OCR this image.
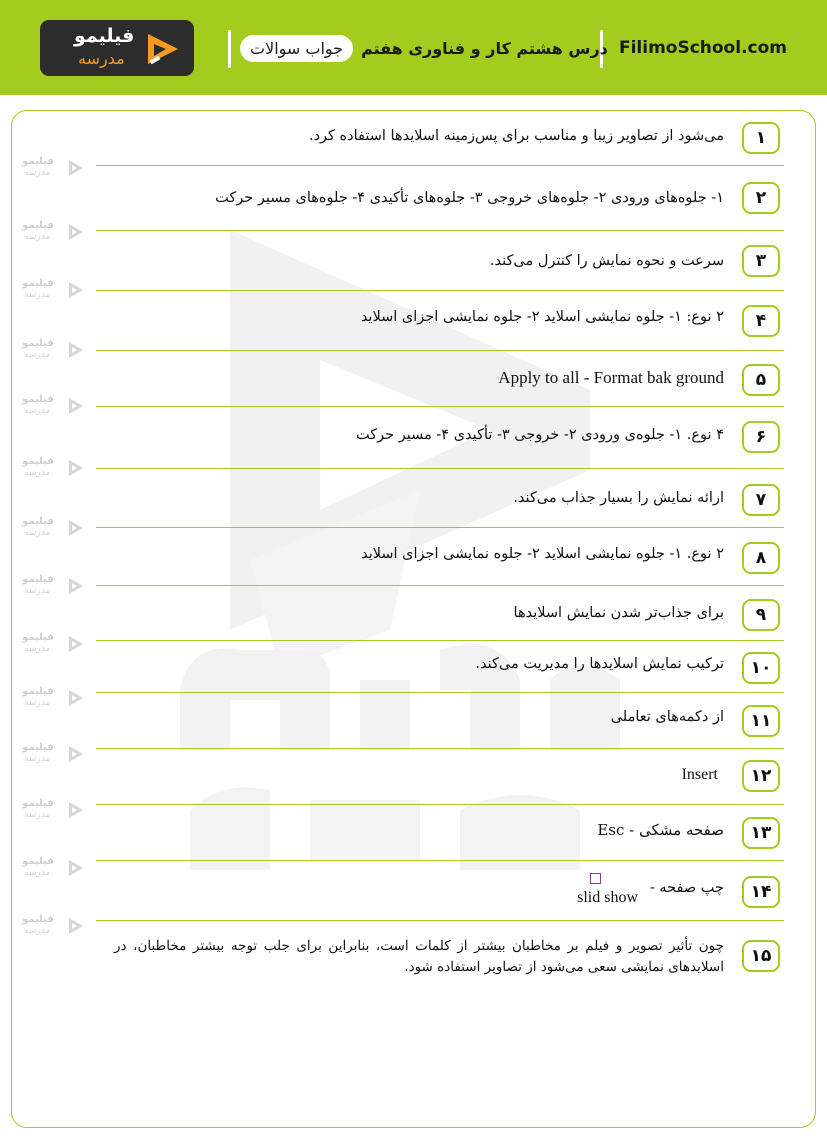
FilimoSchool.com
جواب سوالات	درس هشتم کار و فناوری هفتم
فیلیمو
مدرسه
فیلیمو
مدرسه
فیلیمو
مدرسه
فیلیمو
مدرسه
فیلیمو
مدرسه
فیلیمو
مدرسه
فیلیمو
مدرسه
فیلیمو
مدرسه
فیلیمو
مدرسه
فیلیمو
مدرسه
فیلیمو
مدرسه
فیلیمو
مدرسه
فیلیمو
مدرسه
فیلیمو
مدرسه
فیلیمو
مدرسه
۱
می‌شود از تصاویر زیبا و مناسب برای پس‌زمینه اسلایدها استفاده کرد.
۲
۱- جلوه‌های ورودی ۲- جلوه‌های خروجی ۳- جلوه‌های تأکیدی ۴- جلوه‌های مسیر حرکت
۳
سرعت و نحوه نمایش را کنترل می‌کند.
۴
۲ نوع: ۱- جلوه نمایشی اسلاید ۲- جلوه نمایشی اجزای اسلاید
۵
Apply to all - Format bak ground
۶
۴ نوع. ۱- جلوه‌ی ورودی ۲- خروجی ۳- تأکیدی ۴- مسیر حرکت
۷
ارائه نمایش را بسیار جذاب می‌کند.
۸
۲ نوع. ۱- جلوه نمایشی اسلاید ۲- جلوه نمایشی اجزای اسلاید
۹
برای جذاب‌تر شدن نمایش اسلایدها
۱۰
ترکیب نمایش اسلایدها را مدیریت می‌کند.
۱۱
از دکمه‌های تعاملی
۱۲
Insert
۱۳
صفحه مشکی - Esc
۱۴
چپ صفحه -
slid show
۱۵
چون تأثیر تصویر و فیلم بر مخاطبان بیشتر از کلمات است، بنابراین برای جلب توجه بیشتر مخاطبان، در اسلایدهای نمایشی سعی می‌شود از تصاویر استفاده شود.
